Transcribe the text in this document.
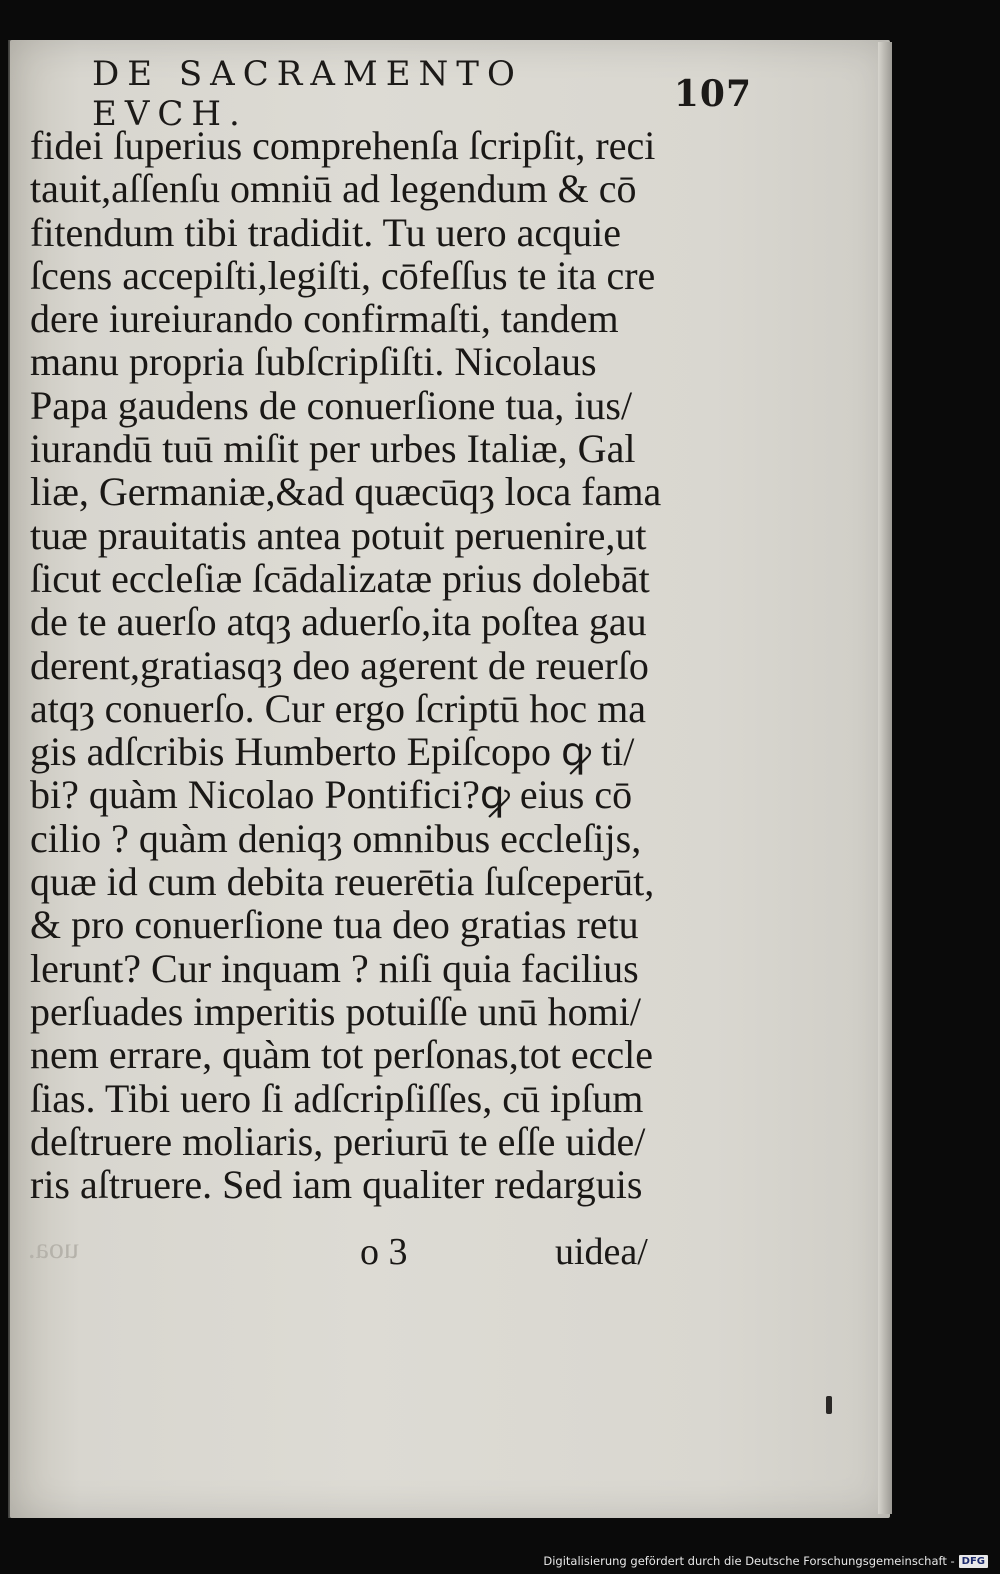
DE SACRAMENTO EVCH.	107
fidei ſuperius comprehenſa ſcripſit, reci
tauit,aſſenſu omniū ad legendum & cō
fitendum tibi tradidit. Tu uero acquie
ſcens accepiſti,legiſti, cōfeſſus te ita cre
dere iureiurando confirmaſti, tandem
manu propria ſubſcripſiſti. Nicolaus
Papa gaudens de conuerſione tua, ius/
iurandū tuū miſit per urbes Italiæ, Gal
liæ, Germaniæ,&ad quæcūqȝ loca fama
tuæ prauitatis antea potuit peruenire,ut
ſicut eccleſiæ ſcādalizatæ prius dolebāt
de te auerſo atqȝ aduerſo,ita poſtea gau
derent,gratiasqȝ deo agerent de reuerſo
atqȝ conuerſo. Cur ergo ſcriptū hoc ma
gis adſcribis Humberto Epiſcopo ꝙ ti/
bi? quàm Nicolao Pontifici?ꝙ eius cō
cilio ? quàm deniqȝ omnibus eccleſijs,
quæ id cum debita reuerētia ſuſceperūt,
& pro conuerſione tua deo gratias retu
lerunt? Cur inquam ? niſi quia facilius
perſuades imperitis potuiſſe unū homi/
nem errare, quàm tot perſonas,tot eccle
ſias. Tibi uero ſi adſcripſiſſes, cū ipſum
deſtruere moliaris, periurū te eſſe uide/
ris aſtruere. Sed iam qualiter redarguis
uoa.	o 3	uidea/
Digitalisierung gefördert durch die Deutsche Forschungsgemeinschaft - DFG
